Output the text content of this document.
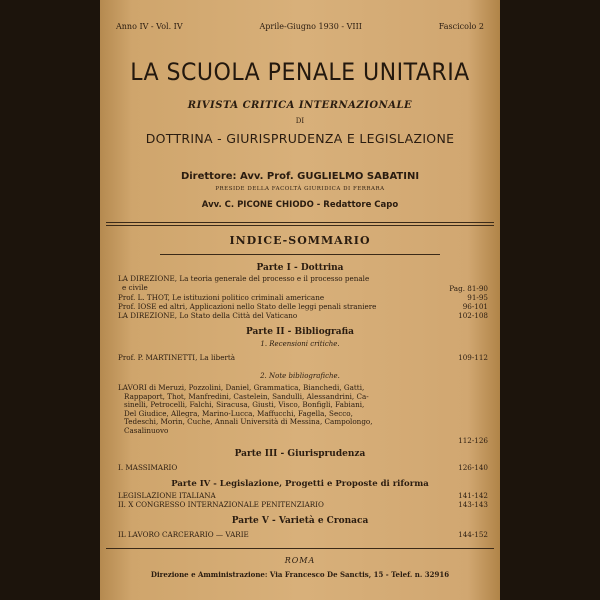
Anno IV - Vol. IV	Aprile-Giugno 1930 - VIII	Fascicolo 2
LA SCUOLA PENALE UNITARIA
RIVISTA CRITICA INTERNAZIONALE
DI
DOTTRINA - GIURISPRUDENZA E LEGISLAZIONE
Direttore: Avv. Prof. GUGLIELMO SABATINI
PRESIDE DELLA FACOLTÀ GIURIDICA DI FERRARA
Avv. C. PICONE CHIODO - Redattore Capo
INDICE-SOMMARIO
Parte I - Dottrina
LA DIREZIONE, La teoria generale del processo e il processo penale
e civile	Pag. 81-90
Prof. L. THOT, Le istituzioni politico criminali americane	91-95
Prof. IOSE ed altri, Applicazioni nello Stato delle leggi penali straniere	96-101
LA DIREZIONE, Lo Stato della Città del Vaticano	102-108
Parte II - Bibliografia
1. Recensioni critiche.
Prof. P. MARTINETTI, La libertà	109-112
2. Note bibliografiche.
LAVORI di Meruzi, Pozzolini, Daniel, Grammatica, Bianchedi, Gatti,
Rappaport, Thot, Manfredini, Castelein, Sandulli, Alessandrini, Ca-
sinelli, Petrocelli, Falchi, Siracusa, Giusti, Visco, Bonfigli, Fabiani,
Del Giudice, Allegra, Marino-Lucca, Maffucchi, Fagella, Secco,
Tedeschi, Morin, Cuche, Annali Università di Messina, Campolongo,
Casalinuovo
112-126
Parte III - Giurisprudenza
I. MASSIMARIO	126-140
Parte IV - Legislazione, Progetti e Proposte di riforma
LEGISLAZIONE ITALIANA	141-142
II. X CONGRESSO INTERNAZIONALE PENITENZIARIO	143-143
Parte V - Varietà e Cronaca
IL LAVORO CARCERARIO — VARIE	144-152
ROMA
Direzione e Amministrazione: Via Francesco De Sanctis, 15 - Telef. n. 32916
